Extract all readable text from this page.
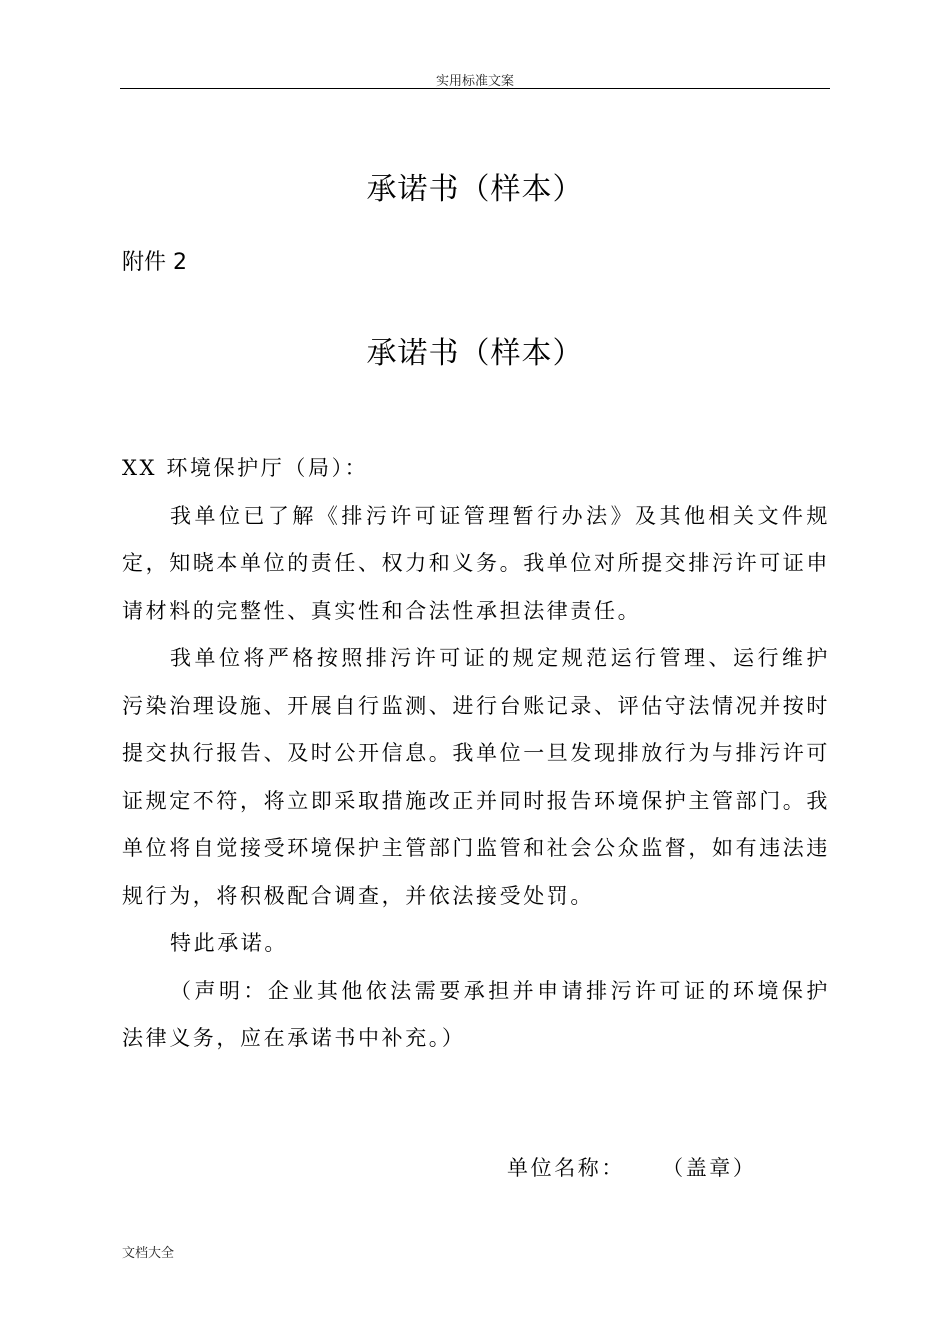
实用标准文案
承诺书（样本）
附件 2
承诺书（样本）

XX 环境保护厅（局）：

我单位已了解《排污许可证管理暂行办法》及其他相关文件规定，知晓本单位的责任、权力和义务。我单位对所提交排污许可证申请材料的完整性、真实性和合法性承担法律责任。

我单位将严格按照排污许可证的规定规范运行管理、运行维护污染治理设施、开展自行监测、进行台账记录、评估守法情况并按时提交执行报告、及时公开信息。我单位一旦发现排放行为与排污许可证规定不符，将立即采取措施改正并同时报告环境保护主管部门。我单位将自觉接受环境保护主管部门监管和社会公众监督，如有违法违规行为，将积极配合调查，并依法接受处罚。

特此承诺。

（声明：企业其他依法需要承担并申请排污许可证的环境保护法律义务，应在承诺书中补充。）

单位名称： （盖章）
文档大全
